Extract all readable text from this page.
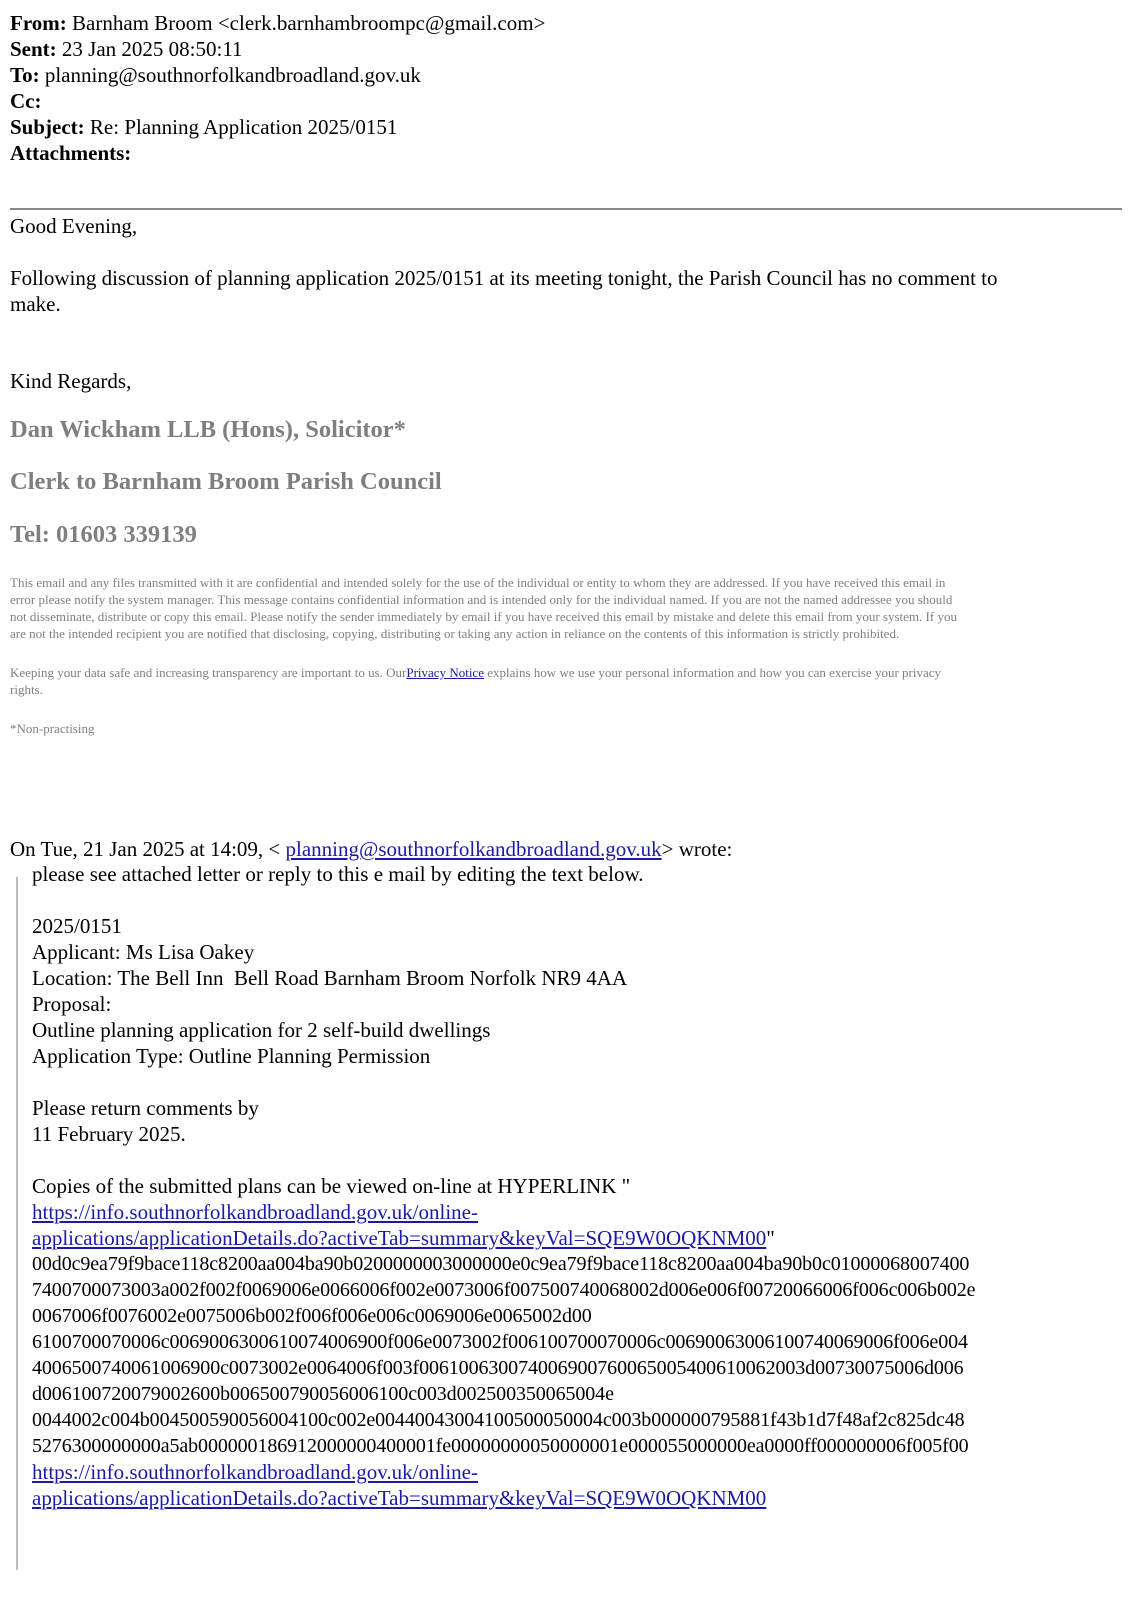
From: Barnham Broom <clerk.barnhambroompc@gmail.com>
Sent: 23 Jan 2025 08:50:11
To: planning@southnorfolkandbroadland.gov.uk
Cc:
Subject: Re: Planning Application 2025/0151
Attachments:
Good Evening,
Following discussion of planning application 2025/0151 at its meeting tonight, the Parish Council has no comment to
make.
Kind Regards,
Dan Wickham LLB (Hons), Solicitor*
Clerk to Barnham Broom Parish Council
Tel: 01603 339139
This email and any files transmitted with it are confidential and intended solely for the use of the individual or entity to whom they are addressed. If you have received this email in
error please notify the system manager. This message contains confidential information and is intended only for the individual named. If you are not the named addressee you should
not disseminate, distribute or copy this email. Please notify the sender immediately by email if you have received this email by mistake and delete this email from your system. If you
are not the intended recipient you are notified that disclosing, copying, distributing or taking any action in reliance on the contents of this information is strictly prohibited.
Keeping your data safe and increasing transparency are important to us. OurPrivacy Notice explains how we use your personal information and how you can exercise your privacy
rights.
*Non-practising
On Tue, 21 Jan 2025 at 14:09, < planning@southnorfolkandbroadland.gov.uk> wrote:
please see attached letter or reply to this e mail by editing the text below.
2025/0151
Applicant: Ms Lisa Oakey
Location: The Bell Inn  Bell Road Barnham Broom Norfolk NR9 4AA
Proposal:
Outline planning application for 2 self-build dwellings
Application Type: Outline Planning Permission
Please return comments by
11 February 2025.
Copies of the submitted plans can be viewed on-line at HYPERLINK "
https://info.southnorfolkandbroadland.gov.uk/online-
applications/applicationDetails.do?activeTab=summary&keyVal=SQE9W0OQKNM00"
00d0c9ea79f9bace118c8200aa004ba90b0200000003000000e0c9ea79f9bace118c8200aa004ba90b0c01000068007400
7400700073003a002f002f0069006e0066006f002e0073006f007500740068002d006e006f00720066006f006c006b002e
0067006f0076002e0075006b002f006f006e006c0069006e0065002d00
6100700070006c0069006300610074006900f006e0073002f006100700070006c00690063006100740069006f006e004
4006500740061006900c0073002e0064006f003f006100630074006900760065005400610062003d00730075006d006
d006100720079002600b006500790056006100c003d002500350065004e
0044002c004b004500590056004100c002e00440043004100500050004c003b000000795881f43b1d7f48af2c825dc48
5276300000000a5ab000000186912000000400001fe00000000050000001e000055000000ea0000ff000000006f005f00
https://info.southnorfolkandbroadland.gov.uk/online-
applications/applicationDetails.do?activeTab=summary&keyVal=SQE9W0OQKNM00
